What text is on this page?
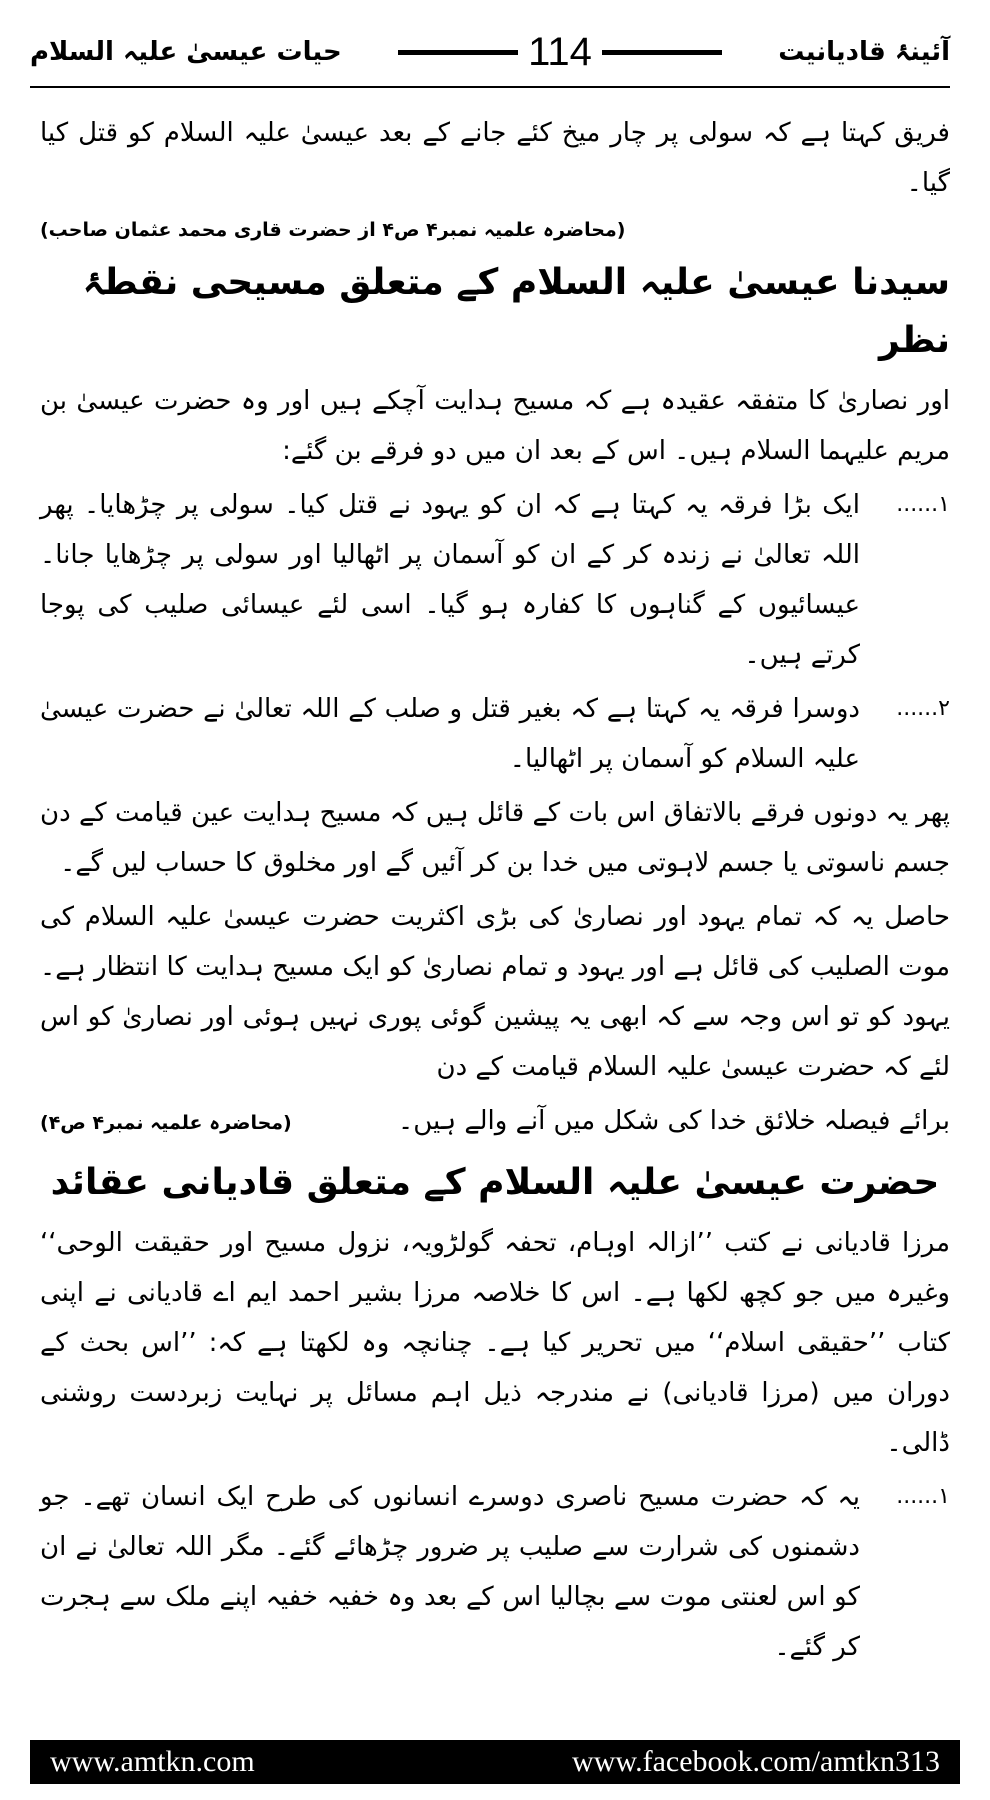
آئینۂ قادیانیت
114
حیات عیسیٰ علیہ السلام

فریق کہتا ہے کہ سولی پر چار میخ کئے جانے کے بعد عیسیٰ علیہ السلام کو قتل کیا گیا۔

(محاضرہ علمیہ نمبر۴ ص۴ از حضرت قاری محمد عثمان صاحب)

سیدنا عیسیٰ علیہ السلام کے متعلق مسیحی نقطۂ نظر

اور نصاریٰ کا متفقہ عقیدہ ہے کہ مسیح ہدایت آچکے ہیں اور وہ حضرت عیسیٰ بن مریم علیہما السلام ہیں۔ اس کے بعد ان میں دو فرقے بن گئے:

۱......
ایک بڑا فرقہ یہ کہتا ہے کہ ان کو یہود نے قتل کیا۔ سولی پر چڑھایا۔ پھر اللہ تعالیٰ نے زندہ کر کے ان کو آسمان پر اٹھالیا اور سولی پر چڑھایا جانا۔ عیسائیوں کے گناہوں کا کفارہ ہو گیا۔ اسی لئے عیسائی صلیب کی پوجا کرتے ہیں۔
۲......
دوسرا فرقہ یہ کہتا ہے کہ بغیر قتل و صلب کے اللہ تعالیٰ نے حضرت عیسیٰ علیہ السلام کو آسمان پر اٹھالیا۔

پھر یہ دونوں فرقے بالاتفاق اس بات کے قائل ہیں کہ مسیح ہدایت عین قیامت کے دن جسم ناسوتی یا جسم لاہوتی میں خدا بن کر آئیں گے اور مخلوق کا حساب لیں گے۔

حاصل یہ کہ تمام یہود اور نصاریٰ کی بڑی اکثریت حضرت عیسیٰ علیہ السلام کی موت الصلیب کی قائل ہے اور یہود و تمام نصاریٰ کو ایک مسیح ہدایت کا انتظار ہے۔ یہود کو تو اس وجہ سے کہ ابھی یہ پیشین گوئی پوری نہیں ہوئی اور نصاریٰ کو اس لئے کہ حضرت عیسیٰ علیہ السلام قیامت کے دن

برائے فیصلہ خلائق خدا کی شکل میں آنے والے ہیں۔
(محاضرہ علمیہ نمبر۴ ص۴)
حضرت عیسیٰ علیہ السلام کے متعلق قادیانی عقائد

مرزا قادیانی نے کتب ’’ازالہ اوہام، تحفہ گولڑویہ، نزول مسیح اور حقیقت الوحی‘‘ وغیرہ میں جو کچھ لکھا ہے۔ اس کا خلاصہ مرزا بشیر احمد ایم اے قادیانی نے اپنی کتاب ’’حقیقی اسلام‘‘ میں تحریر کیا ہے۔ چنانچہ وہ لکھتا ہے کہ: ’’اس بحث کے دوران میں (مرزا قادیانی) نے مندرجہ ذیل اہم مسائل پر نہایت زبردست روشنی ڈالی۔

۱......
یہ کہ حضرت مسیح ناصری دوسرے انسانوں کی طرح ایک انسان تھے۔ جو دشمنوں کی شرارت سے صلیب پر ضرور چڑھائے گئے۔ مگر اللہ تعالیٰ نے ان کو اس لعنتی موت سے بچالیا اس کے بعد وہ خفیہ خفیہ اپنے ملک سے ہجرت کر گئے۔
www.amtkn.com	www.facebook.com/amtkn313
